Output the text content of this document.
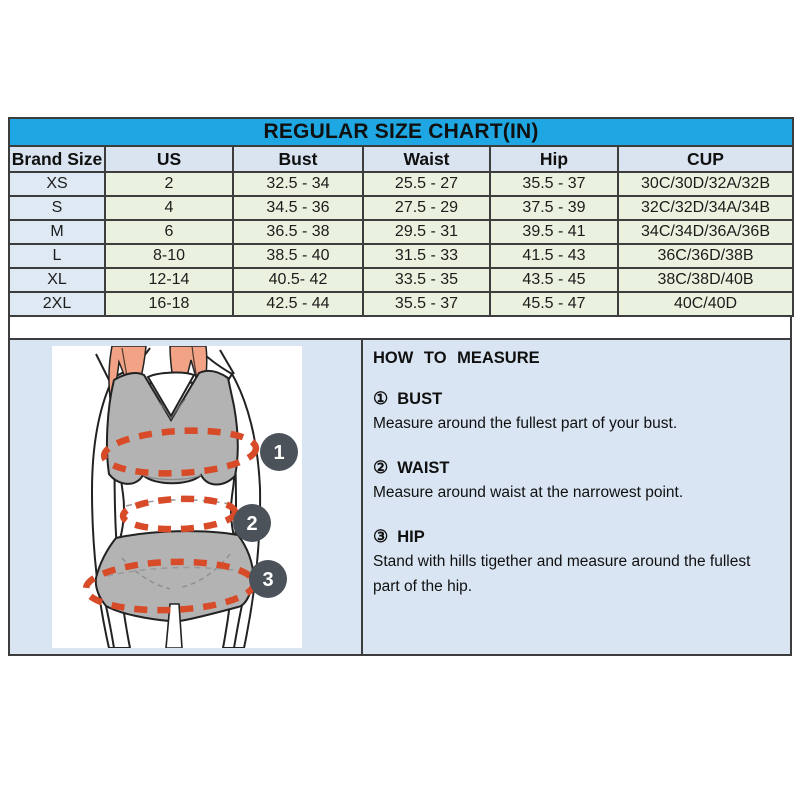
REGULAR SIZE CHART(IN)					
Brand Size	US	Bust	Waist	Hip	CUP
XS	2	32.5 - 34	25.5 - 27	35.5 - 37	30C/30D/32A/32B
S	4	34.5 - 36	27.5 - 29	37.5 - 39	32C/32D/34A/34B
M	6	36.5 - 38	29.5 - 31	39.5 - 41	34C/34D/36A/36B
L	8-10	38.5 - 40	31.5 - 33	41.5 - 43	36C/36D/38B
XL	12-14	40.5- 42	33.5 - 35	43.5 - 45	38C/38D/40B
2XL	16-18	42.5 - 44	35.5 - 37	45.5 - 47	40C/40D
1
2
3
HOW TO MEASURE
① BUST
Measure around the fullest part of your bust.
② WAIST
Measure around waist at the narrowest point.
③ HIP
Stand with hills tigether and measure around the fullest part of the hip.
